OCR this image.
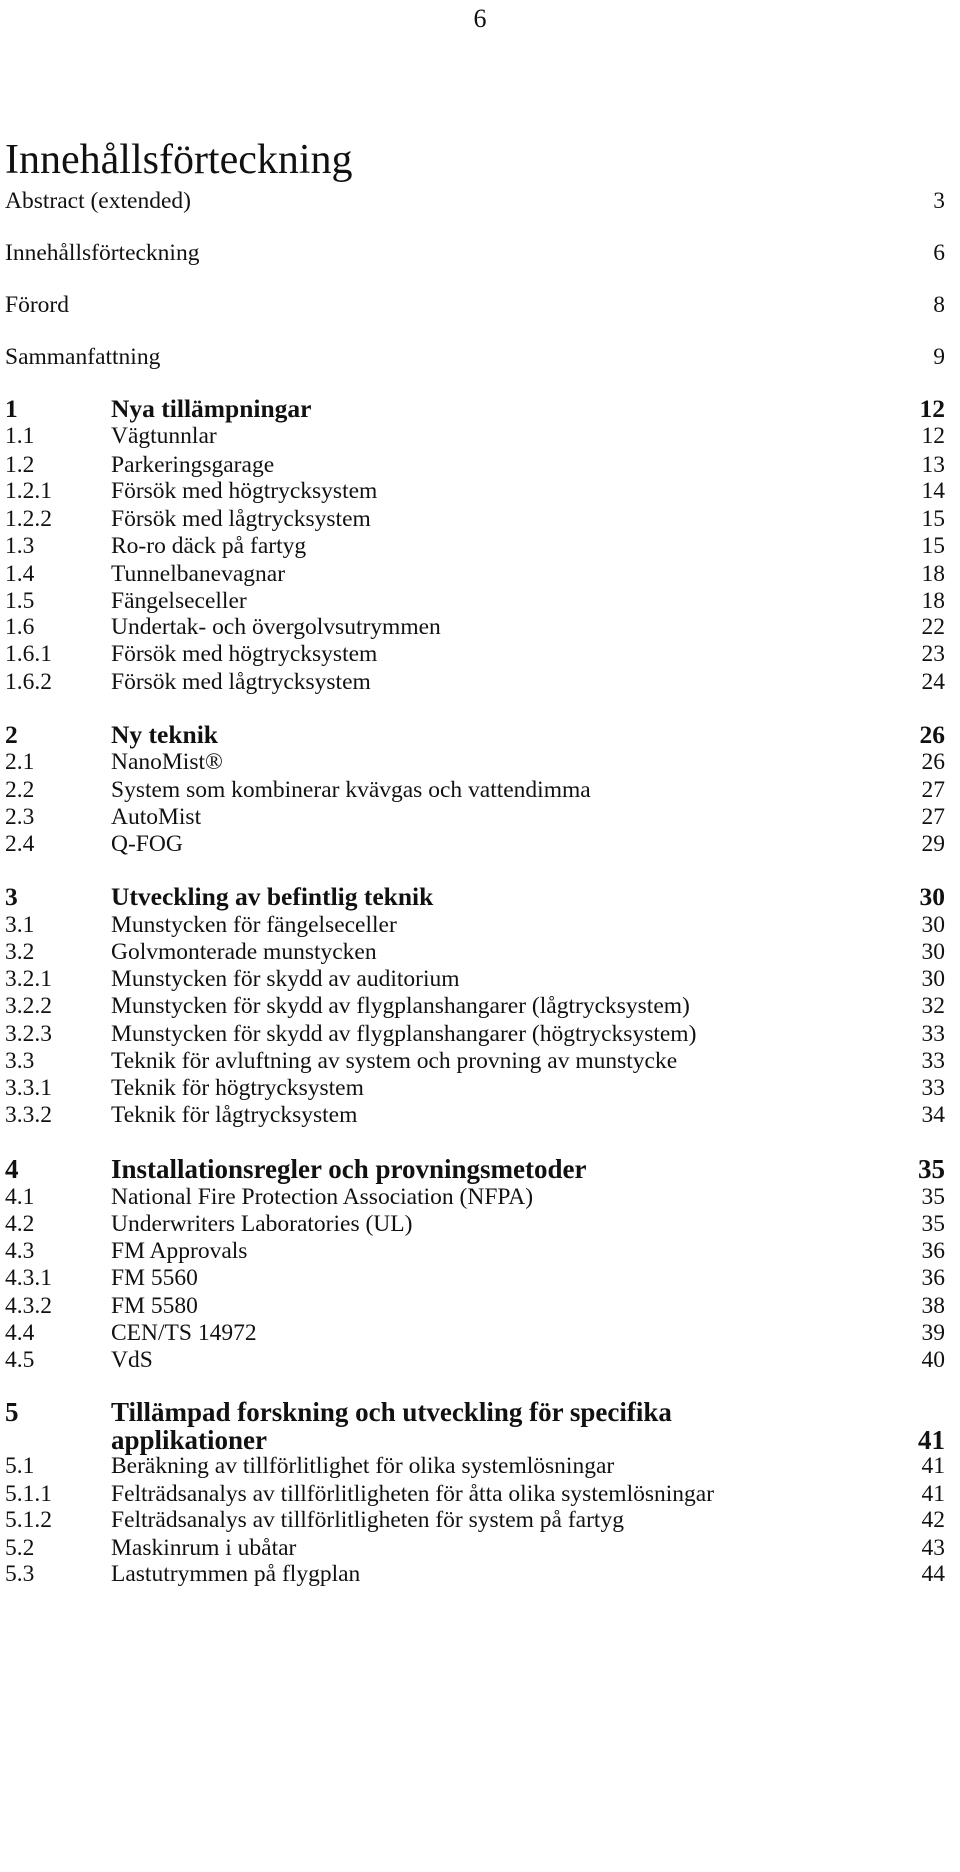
6
Innehållsförteckning
Abstract (extended)	3
Innehållsförteckning	6
Förord	8
Sammanfattning	9
1	Nya tillämpningar	12
1.1	Vägtunnlar	12
1.2	Parkeringsgarage	13
1.2.1	Försök med högtrycksystem	14
1.2.2	Försök med lågtrycksystem	15
1.3	Ro-ro däck på fartyg	15
1.4	Tunnelbanevagnar	18
1.5	Fängelseceller	18
1.6	Undertak- och övergolvsutrymmen	22
1.6.1	Försök med högtrycksystem	23
1.6.2	Försök med lågtrycksystem	24
2	Ny teknik	26
2.1	NanoMist®	26
2.2	System som kombinerar kvävgas och vattendimma	27
2.3	AutoMist	27
2.4	Q-FOG	29
3	Utveckling av befintlig teknik	30
3.1	Munstycken för fängelseceller	30
3.2	Golvmonterade munstycken	30
3.2.1	Munstycken för skydd av auditorium	30
3.2.2	Munstycken för skydd av flygplanshangarer (lågtrycksystem)	32
3.2.3	Munstycken för skydd av flygplanshangarer (högtrycksystem)	33
3.3	Teknik för avluftning av system och provning av munstycke	33
3.3.1	Teknik för högtrycksystem	33
3.3.2	Teknik för lågtrycksystem	34
4	Installationsregler och provningsmetoder	35
4.1	National Fire Protection Association (NFPA)	35
4.2	Underwriters Laboratories (UL)	35
4.3	FM Approvals	36
4.3.1	FM 5560	36
4.3.2	FM 5580	38
4.4	CEN/TS 14972	39
4.5	VdS	40
5	Tillämpad forskning och utveckling för specifika
applikationer	41
5.1	Beräkning av tillförlitlighet för olika systemlösningar	41
5.1.1	Felträdsanalys av tillförlitligheten för åtta olika systemlösningar	41
5.1.2	Felträdsanalys av tillförlitligheten för system på fartyg	42
5.2	Maskinrum i ubåtar	43
5.3	Lastutrymmen på flygplan	44
